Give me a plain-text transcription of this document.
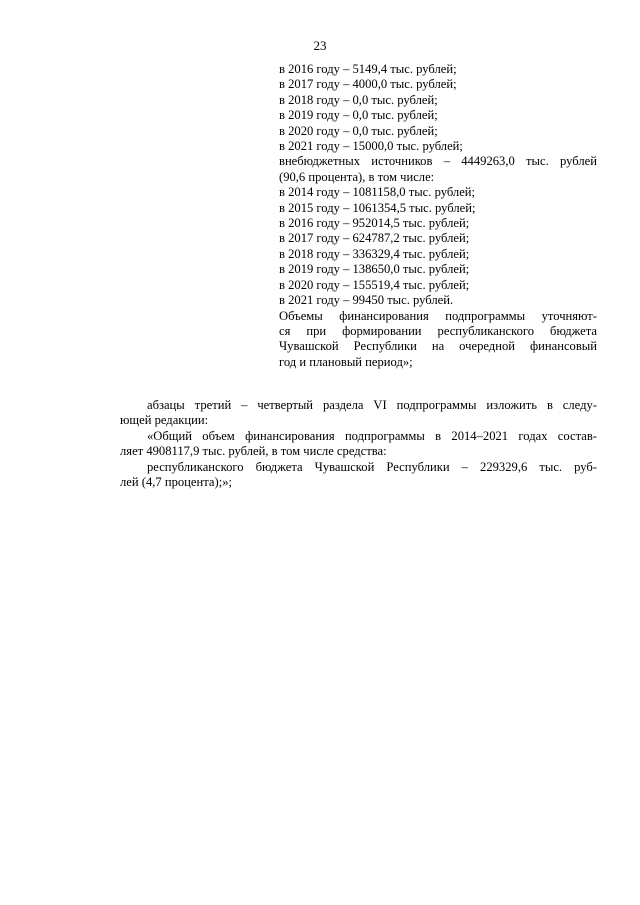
23
в 2016 году – 5149,4 тыс. рублей;
в 2017 году – 4000,0 тыс. рублей;
в 2018 году – 0,0 тыс. рублей;
в 2019 году – 0,0 тыс. рублей;
в 2020 году – 0,0 тыс. рублей;
в 2021 году – 15000,0 тыс. рублей;
внебюджетных источников – 4449263,0 тыс. рублей
(90,6 процента), в том числе:
в 2014 году – 1081158,0 тыс. рублей;
в 2015 году – 1061354,5 тыс. рублей;
в 2016 году – 952014,5 тыс. рублей;
в 2017 году – 624787,2 тыс. рублей;
в 2018 году – 336329,4 тыс. рублей;
в 2019 году – 138650,0 тыс. рублей;
в 2020 году – 155519,4 тыс. рублей;
в 2021 году – 99450 тыс. рублей.
Объемы финансирования подпрограммы уточняют-
ся при формировании республиканского бюджета
Чувашской Республики на очередной финансовый
год и плановый период»;
абзацы третий – четвертый раздела VI подпрограммы изложить в следу-
ющей редакции:
«Общий объем финансирования подпрограммы в 2014–2021 годах состав-
ляет 4908117,9 тыс. рублей, в том числе средства:
республиканского бюджета Чувашской Республики – 229329,6 тыс. руб-
лей (4,7 процента);»;
